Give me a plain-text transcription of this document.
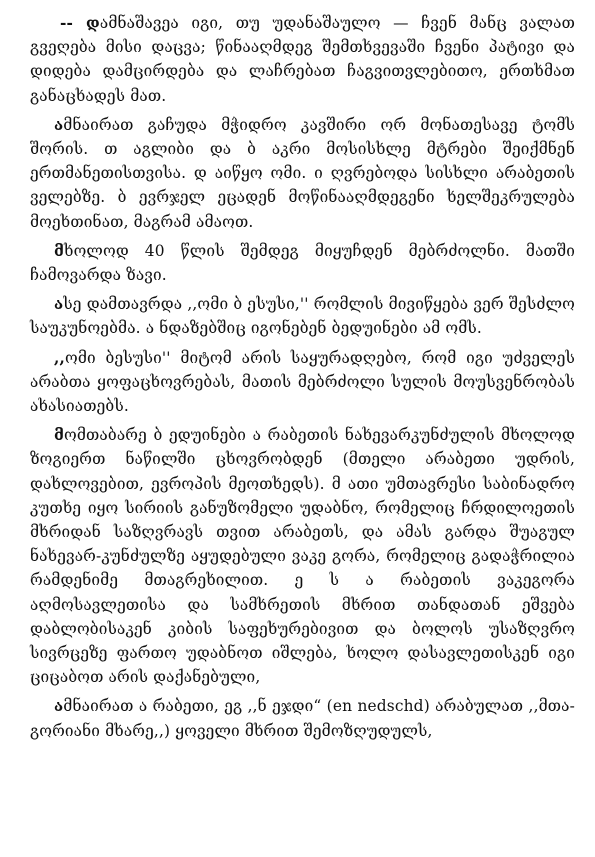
-- დამნაშავეა იგი, თუ უდანაშაულო — ჩვენ მანც ვალათ გვეღება მისი დაცვა; წინააღმდეგ შემთხვევაში ჩვენი პატივი და დიდება დამცირდება და ლაჩრებათ ჩაგვითვლებითო, ერთხმათ განაცხადეს მათ.

ამნაირათ გაჩუდა მჭიდრო კავშირი ორ მონათესავე ტომს შორის. თ აგლიბი და ბ აკრი მოსისხლე მტრები შეიქმნენ ერთმანეთისთვისა. დ აიწყო ომი. ი ღვრებოდა სისხლი არაბეთის ველებზე. ბ ევრჯელ ეცადენ მოწინააღმდეგენი ხელშეკრულება მოეხთინათ, მაგრამ ამაოთ.

მხოლოდ 40 წლის შემდეგ მიყუჩდენ მებრძოლნი. მათში ჩამოვარდა ზავი.

ასე დამთავრდა ,,ომი ბ ესუსი,'' რომლის მივიწყება ვერ შესძლო საუკუნოებმა. ა ნდაზებშიც იგონებენ ბედუინები ამ ომს.

,,ომი ბესუსი'' მიტომ არის საყურადღებო, რომ იგი უძველეს არაბთა ყოფაცხოვრებას, მათის მებრძოლი სულის მოუსვენრობას ახასიათებს.

მომთაბარე ბ ედუინები ა რაბეთის ნახევარკუნძულის მხოლოდ ზოგიერთ ნაწილში ცხოვრობდენ (მთელი არაბეთი უდრის, დახლოვებით, ევროპის მეოთხედს). მ ათი უმთავრესი საბინადრო კუთხე იყო სირიის განუზომელი უდაბნო, რომელიც ჩრდილოეთის მხრიდან საზღვრავს თვით არაბეთს, და ამას გარდა შუაგულ ნახევარ-კუნძულზე აყუდებული ვაკე გორა, რომელიც გადაჭრილია რამდენიმე მთაგრეხილით. ე ს ა რაბეთის ვაკეგორა აღმოსავლეთისა და სამხრეთის მხრით თანდათან ეშვება დაბლობისაკენ კიბის საფეხურებივით და ბოლოს უსაზღვრო სივრცეზე ფართო უდაბნოთ იშლება, ხოლო დასავლეთისკენ იგი ციცაბოთ არის დაქანებული,

ამნაირათ ა რაბეთი, ეგ ,,ნ ეჯდი“ (en nedschd) არაბულათ ,,მთა-გორიანი მხარე,,) ყოველი მხრით შემოზღუდულს,
